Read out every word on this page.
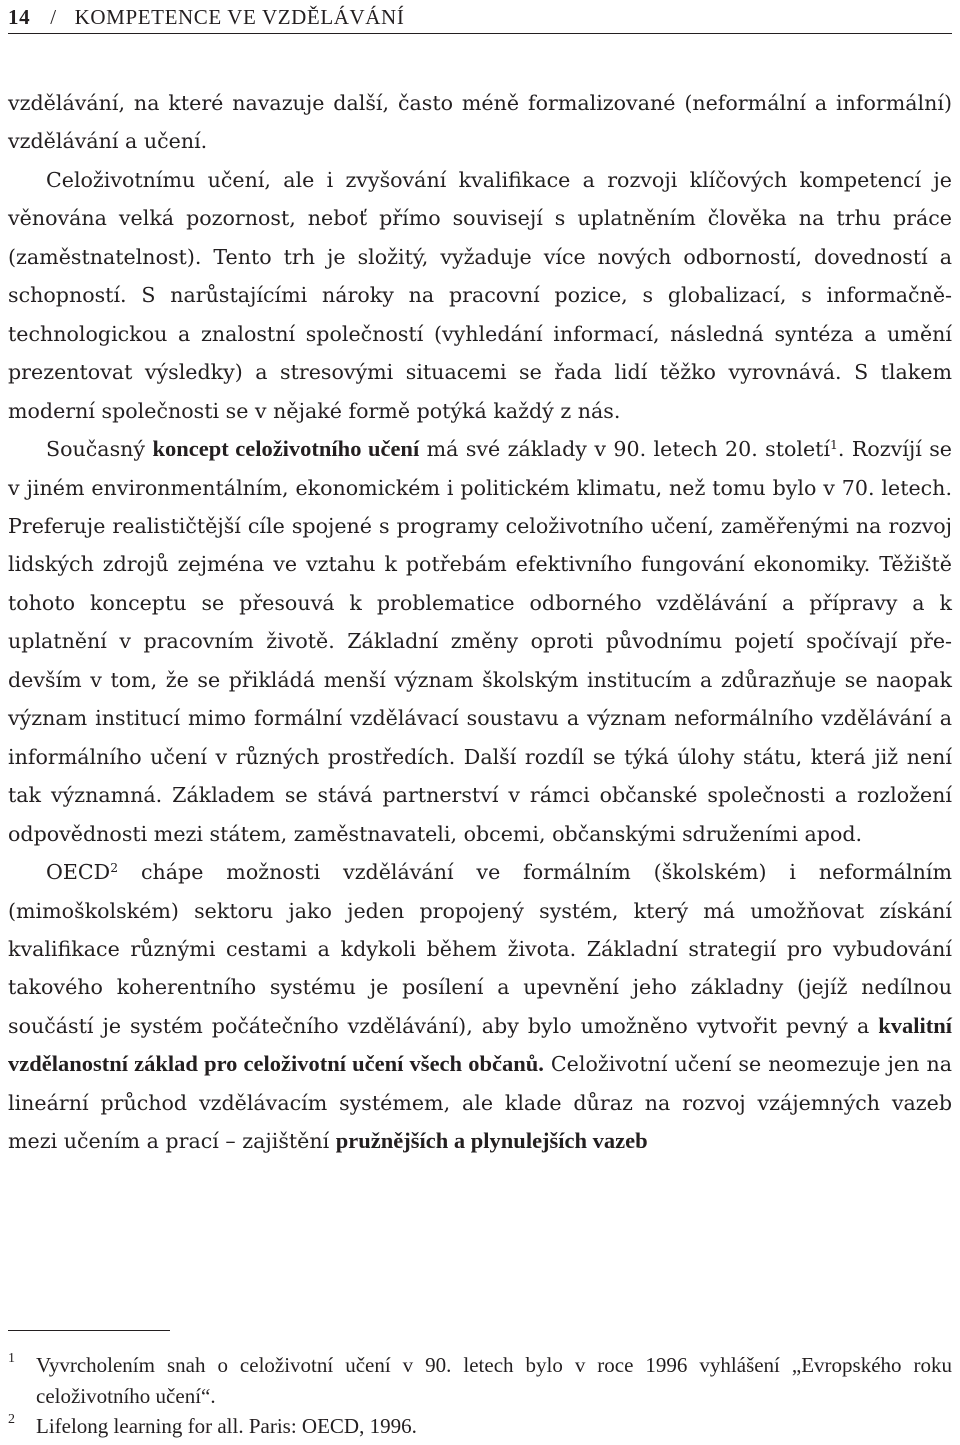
14 / KOMPETENCE VE VZDĚLÁVÁNÍ

vzdělávání, na které navazuje další, často méně formalizované (neformální a informální) vzdělávání a učení.

Celoživotnímu učení, ale i zvyšování kvalifikace a rozvoji klíčových kompetencí je věnována velká pozornost, neboť přímo souvisejí s uplatněním člověka na trhu práce (zaměstnatelnost). Tento trh je složitý, vyžaduje více nových odborností, dovedností a schopností. S narůstajícími nároky na pracovní pozice, s globalizací, s informačně-technologickou a znalostní společností (vyhledání informací, následná syntéza a umění prezentovat výsledky) a stresovými situacemi se řada lidí těžko vyrovnává. S tlakem moderní společnosti se v nějaké formě potýká každý z nás.

Současný koncept celoživotního učení má své základy v 90. letech 20. století$^1$. Rozvíjí se v jiném environmentálním, ekonomickém i politickém klimatu, než tomu bylo v 70. letech. Preferuje realističtější cíle spojené s programy celoživotního učení, zaměřenými na rozvoj lidských zdrojů zejména ve vztahu k potřebám efektivního fungování ekonomiky. Těžiště tohoto konceptu se přesouvá k problematice odborného vzdělávání a přípravy a k uplatnění v pracovním životě. Základní změny oproti původnímu pojetí spočívají především v tom, že se přikládá menší význam školským institucím a zdůrazňuje se naopak význam institucí mimo formální vzdělávací soustavu a význam neformálního vzdělávání a informálního učení v různých prostředích. Další rozdíl se týká úlohy státu, která již není tak významná. Základem se stává partnerství v rámci občanské společnosti a rozložení odpovědnosti mezi státem, zaměstnavateli, obcemi, občanskými sdruženími apod.

OECD$^2$ chápe možnosti vzdělávání ve formálním (školském) i neformálním (mimoškolském) sektoru jako jeden propojený systém, který má umožňovat získání kvalifikace různými cestami a kdykoli během života. Základní strategií pro vybudování takového koherentního systému je posílení a upevnění jeho základny (jejíž nedílnou součástí je systém počátečního vzdělávání), aby bylo umožněno vytvořit pevný a kvalitní vzdělanostní základ pro celoživotní učení všech občanů. Celoživotní učení se neomezuje jen na lineární průchod vzdělávacím systémem, ale klade důraz na rozvoj vzájemných vazeb mezi učením a prací – zajištění pružnějších a plynulejších vazeb

1 Vyvrcholením snah o celoživotní učení v 90. letech bylo v roce 1996 vyhlášení „Evropského roku celoživotního učení“.

2 Lifelong learning for all. Paris: OECD, 1996.
